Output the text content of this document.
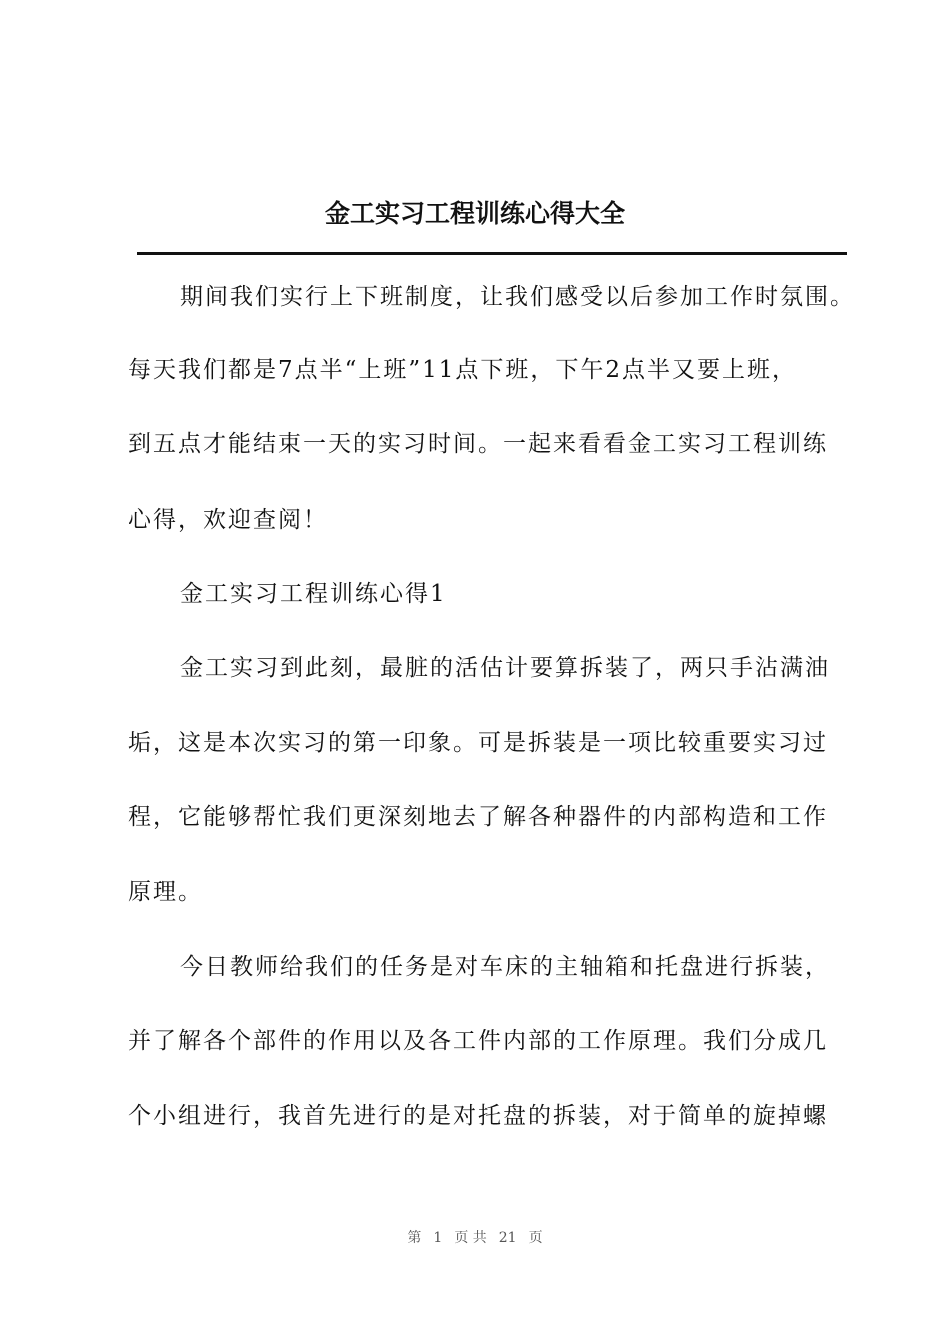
金工实习工程训练心得大全
期间我们实行上下班制度，让我们感受以后参加工作时氛围。
每天我们都是7点半“上班”11点下班，下午2点半又要上班，
到五点才能结束一天的实习时间。一起来看看金工实习工程训练
心得，欢迎查阅！
金工实习工程训练心得1
金工实习到此刻，最脏的活估计要算拆装了，两只手沾满油
垢，这是本次实习的第一印象。可是拆装是一项比较重要实习过
程，它能够帮忙我们更深刻地去了解各种器件的内部构造和工作
原理。
今日教师给我们的任务是对车床的主轴箱和托盘进行拆装，
并了解各个部件的作用以及各工件内部的工作原理。我们分成几
个小组进行，我首先进行的是对托盘的拆装，对于简单的旋掉螺
第 1 页 共 21 页
